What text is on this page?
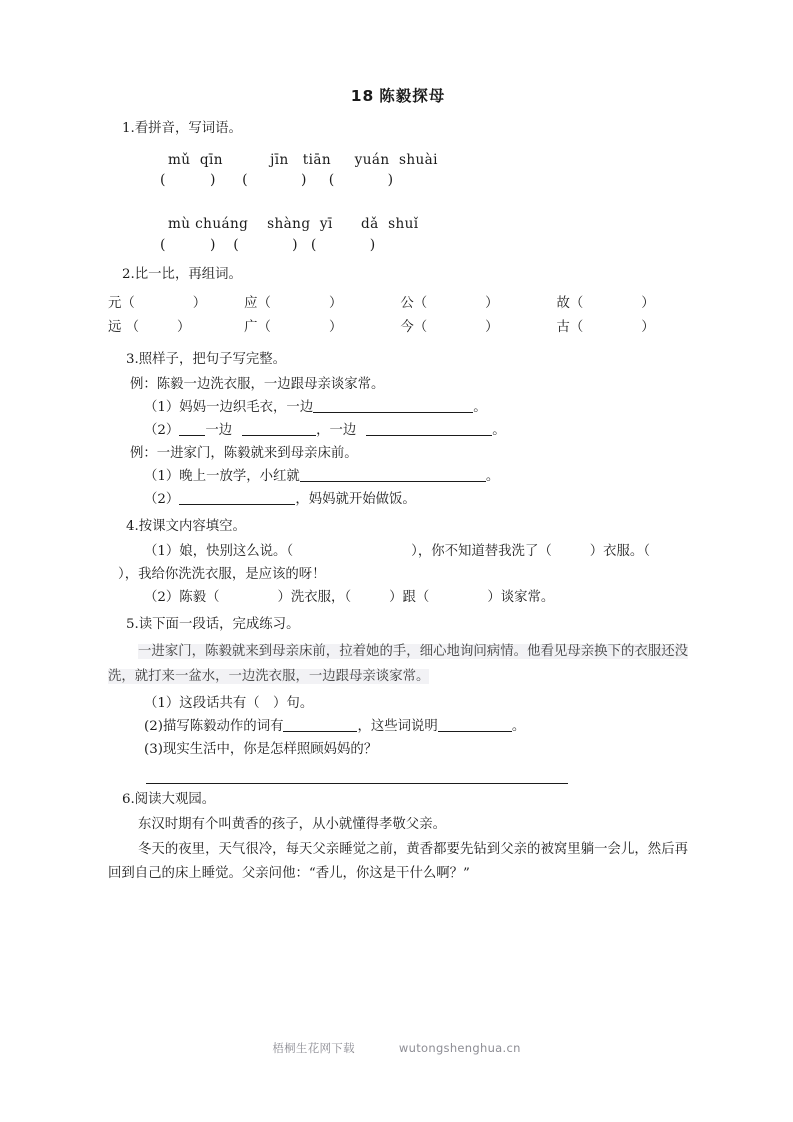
18 陈毅探母

1.看拼音，写词语。

mǔ  qīn          jīn   tiān     yuán  shuài
(          )      (            )     (            )
mù chuáng    shàng  yī      dǎ  shuǐ
(          )    (            )   (            )

2.比一比，再组词。

元（ ）	应（ ）	公（ ）	故（ ）
远 （ ）	广（ ）	今（ ）	古（ ）

3.照样子，把句子写完整。

例：陈毅一边洗衣服，一边跟母亲谈家常。

（1）妈妈一边织毛衣，一边	。

（2） 一边	，一边	。

例：一进家门，陈毅就来到母亲床前。

（1）晚上一放学，小红就	。

（2）	，妈妈就开始做饭。

4.按课文内容填空。

（1）娘，快别这么说。（	），你不知道替我洗了（	）衣服。（

），我给你洗洗衣服，是应该的呀！

（2）陈毅（	）洗衣服，（	）跟（	）谈家常。

5.读下面一段话，完成练习。

一进家门，陈毅就来到母亲床前，拉着她的手，细心地询问病情。他看见母亲换下的衣服还没洗，就打来一盆水，一边洗衣服，一边跟母亲谈家常。

（1）这段话共有（　）句。

(2)描写陈毅动作的词有	，这些词说明	。

(3)现实生活中，你是怎样照顾妈妈的？

6.阅读大观园。

东汉时期有个叫黄香的孩子，从小就懂得孝敬父亲。

冬天的夜里，天气很冷，每天父亲睡觉之前，黄香都要先钻到父亲的被窝里躺一会儿，然后再回到自己的床上睡觉。父亲问他：“香儿，你这是干什么啊？”

梧桐生花网下载	wutongshenghua.cn
